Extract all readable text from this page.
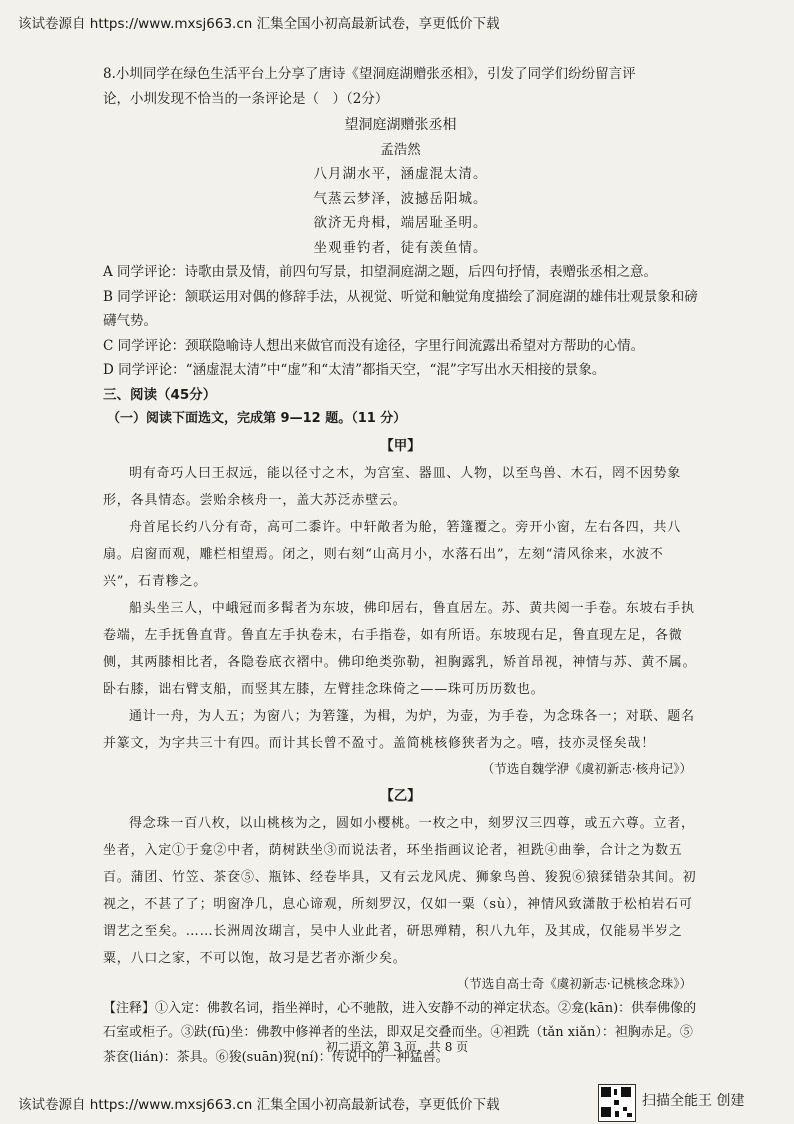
该试卷源自 https://www.mxsj663.cn 汇集全国小初高最新试卷，享更低价下载

8.小圳同学在绿色生活平台上分享了唐诗《望洞庭湖赠张丞相》，引发了同学们纷纷留言评
论，小圳发现不恰当的一条评论是（　）（2分）

望洞庭湖赠张丞相
孟浩然
八月湖水平，涵虚混太清。
气蒸云梦泽，波撼岳阳城。
欲济无舟楫，端居耻圣明。
坐观垂钓者，徒有羡鱼情。

A 同学评论：诗歌由景及情，前四句写景，扣望洞庭湖之题，后四句抒情，表赠张丞相之意。

B 同学评论：颔联运用对偶的修辞手法，从视觉、听觉和触觉角度描绘了洞庭湖的雄伟壮观景象和磅礴气势。

C 同学评论：颈联隐喻诗人想出来做官而没有途径，字里行间流露出希望对方帮助的心情。

D 同学评论：“涵虚混太清”中“虚”和“太清”都指天空，“混”字写出水天相接的景象。

三、阅读（45分）

（一）阅读下面选文，完成第 9—12 题。（11 分）

【甲】

明有奇巧人曰王叔远，能以径寸之木，为宫室、器皿、人物，以至鸟兽、木石，罔不因势象形，各具情态。尝贻余核舟一，盖大苏泛赤壁云。

舟首尾长约八分有奇，高可二黍许。中轩敞者为舱，箬篷覆之。旁开小窗，左右各四，共八扇。启窗而观，雕栏相望焉。闭之，则右刻“山高月小，水落石出”，左刻“清风徐来，水波不兴”，石青糁之。

船头坐三人，中峨冠而多髯者为东坡，佛印居右，鲁直居左。苏、黄共阅一手卷。东坡右手执卷端，左手抚鲁直背。鲁直左手执卷末，右手指卷，如有所语。东坡现右足，鲁直现左足，各微侧，其两膝相比者，各隐卷底衣褶中。佛印绝类弥勒，袒胸露乳，矫首昂视，神情与苏、黄不属。卧右膝，诎右臂支船，而竖其左膝，左臂挂念珠倚之——珠可历历数也。

通计一舟，为人五；为窗八；为箬篷，为楫，为炉，为壶，为手卷，为念珠各一；对联、题名并篆文，为字共三十有四。而计其长曾不盈寸。盖简桃核修狭者为之。嘻，技亦灵怪矣哉！

（节选自魏学洢《虞初新志·核舟记》）

【乙】

得念珠一百八枚，以山桃核为之，圆如小樱桃。一枚之中，刻罗汉三四尊，或五六尊。立者，坐者，入定①于龛②中者，荫树趺坐③而说法者，环坐指画议论者，袒跣④曲拳，合计之为数五百。蒲团、竹笠、茶奁⑤、瓶钵、经卷毕具，又有云龙风虎、狮象鸟兽、狻猊⑥猿猱错杂其间。初视之，不甚了了；明窗净几，息心谛观，所刻罗汉，仅如一粟（sù），神情风致潇散于松柏岩石可谓艺之至矣。……长洲周汝瑚言，吴中人业此者，研思殚精，积八九年，及其成，仅能易半岁之粟，八口之家，不可以饱，故习是艺者亦渐少矣。

（节选自高士奇《虞初新志·记桃核念珠》）

【注释】①入定：佛教名词，指坐禅时，心不驰散，进入安静不动的禅定状态。②龛(kān)：供奉佛像的石室或柜子。③趺(fū)坐：佛教中修禅者的坐法，即双足交叠而坐。④袒跣（tǎn xiǎn）：袒胸赤足。⑤茶奁(lián)：茶具。⑥狻(suān)猊(ní)：传说中的一种猛兽。

初二语文 第 3 页，共 8 页
该试卷源自 https://www.mxsj663.cn 汇集全国小初高最新试卷，享更低价下载	扫描全能王 创建
